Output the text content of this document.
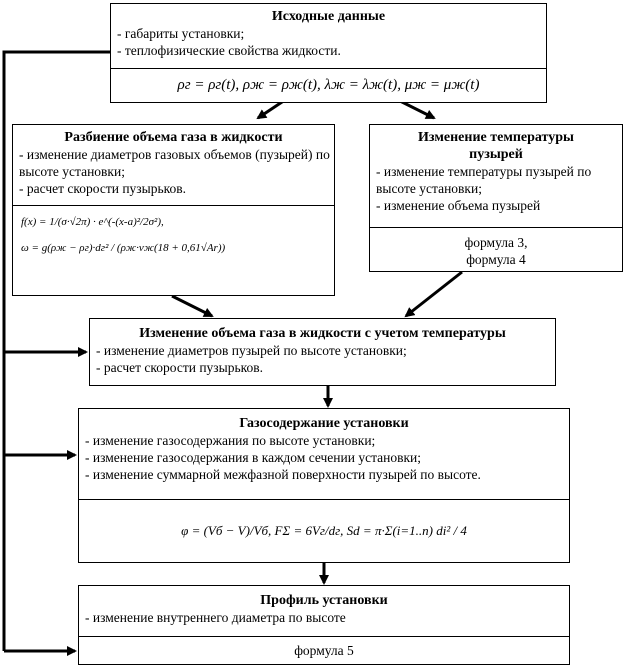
Исходные данные
- габариты установки;
- теплофизические свойства жидкости.
ρг = ρг(t), ρж = ρж(t), λж = λж(t), μж = μж(t)
Разбиение объема газа в жидкости
- изменение диаметров газовых объемов (пузырей) по высоте установки;
- расчет скорости пузырьков.
f(x) = 1/(σ·√2π) · e^(-(x-a)²/2σ²),
ω = g(ρж − ρг)·dг² / (ρж·νж(18 + 0,61√Ar))
Изменение температуры пузырей
- изменение температуры пузырей по высоте установки;
- изменение объема пузырей
формула 3,
формула 4
Изменение объема газа в жидкости с учетом температуры
- изменение диаметров пузырей по высоте установки;
- расчет скорости пузырьков.
Газосодержание установки
- изменение газосодержания по высоте установки;
- изменение газосодержания в каждом сечении установки;
- изменение суммарной межфазной поверхности пузырей по высоте.
φ = (Vб − V)/Vб, FΣ = 6Vг/dг, Sd = π·Σ(i=1..n) di² / 4
Профиль установки
- изменение внутреннего диаметра по высоте
формула 5
